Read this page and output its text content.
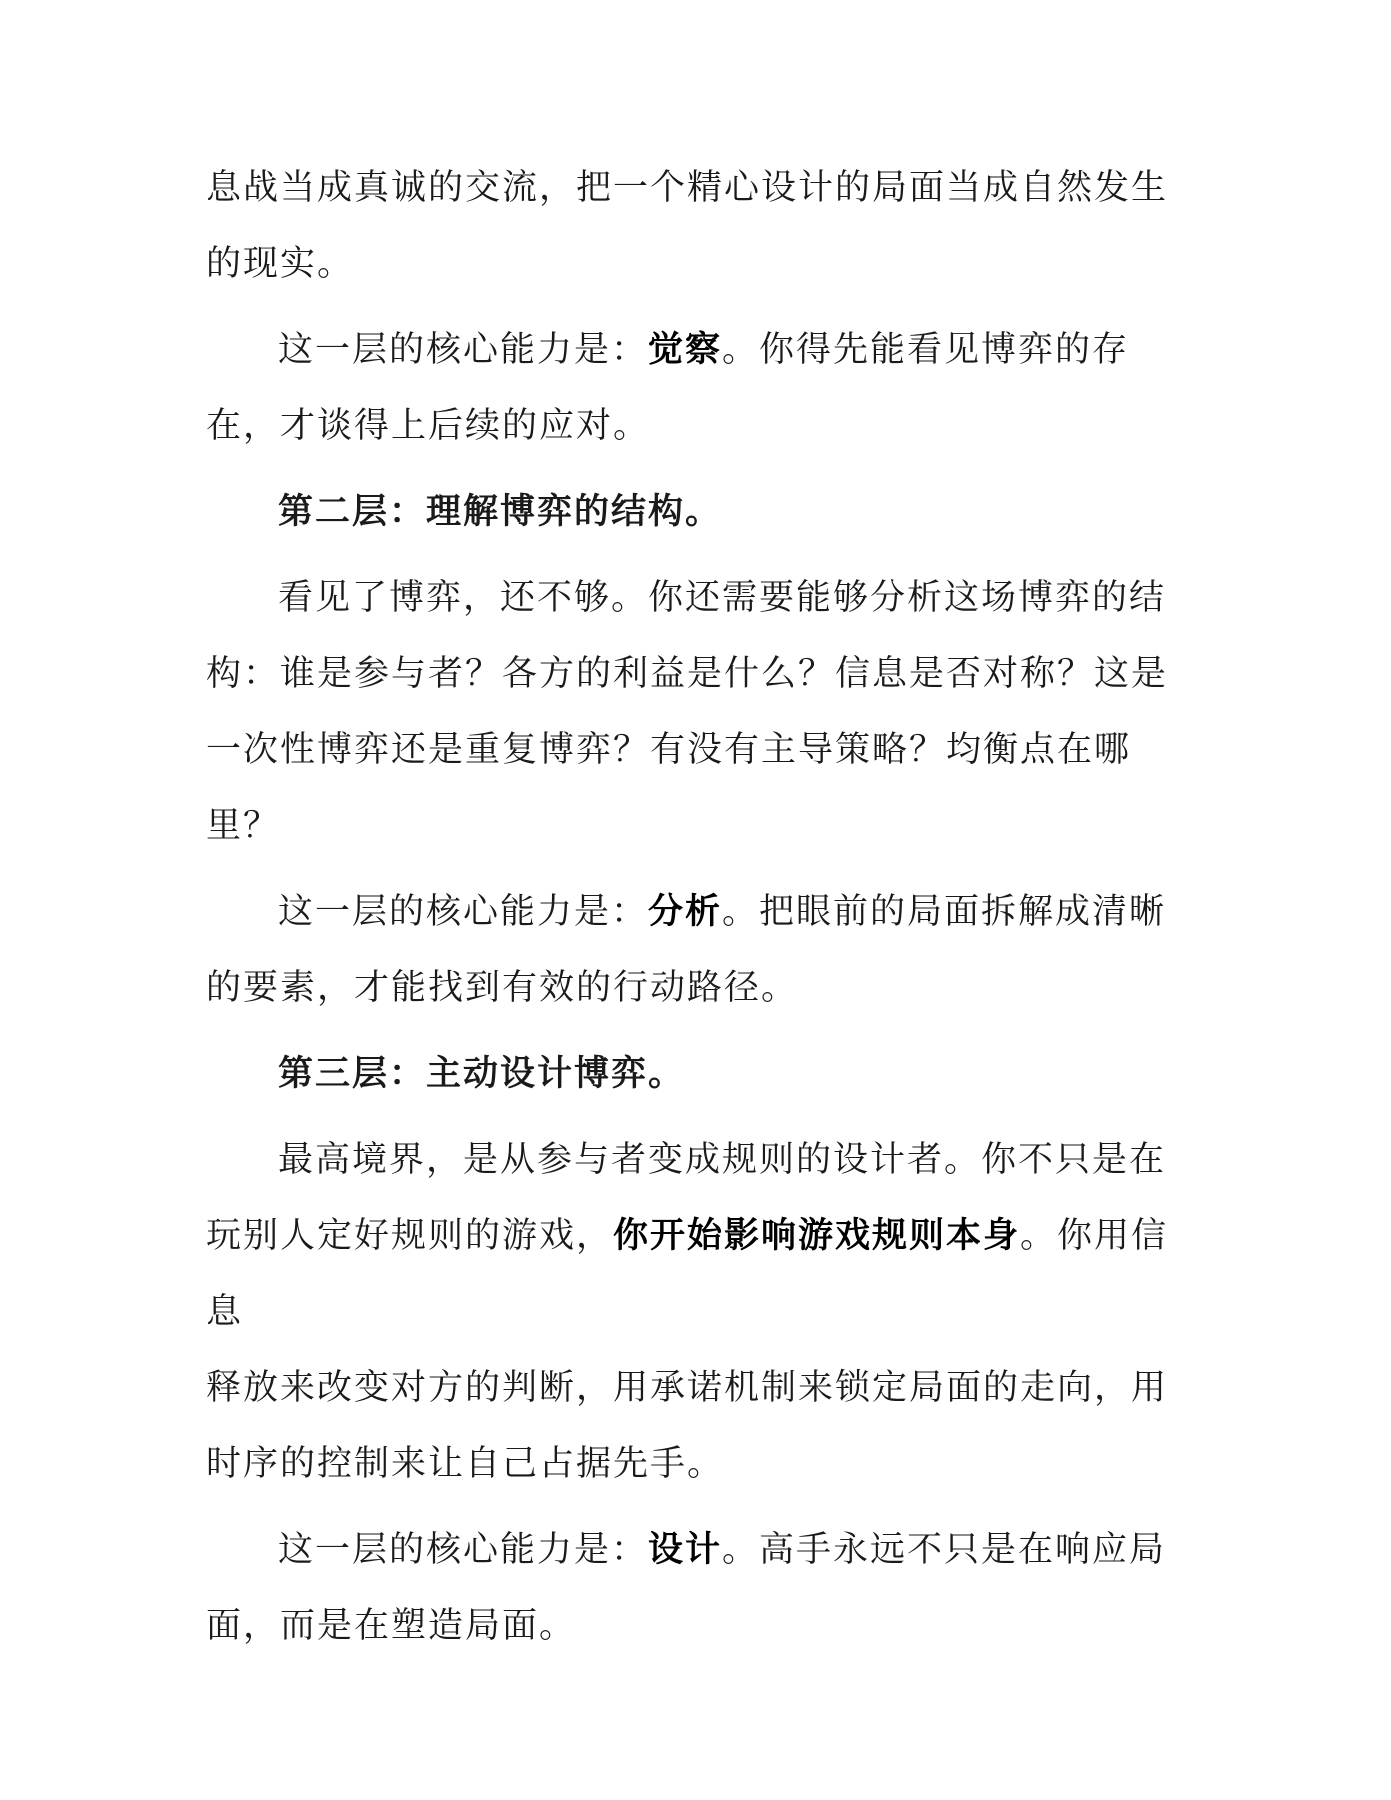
息战当成真诚的交流，把一个精心设计的局面当成自然发生的现实。

这一层的核心能力是：觉察。你得先能看见博弈的存在，才谈得上后续的应对。

第二层：理解博弈的结构。

看见了博弈，还不够。你还需要能够分析这场博弈的结构：谁是参与者？各方的利益是什么？信息是否对称？这是一次性博弈还是重复博弈？有没有主导策略？均衡点在哪里？

这一层的核心能力是：分析。把眼前的局面拆解成清晰
的要素，才能找到有效的行动路径。

第三层：主动设计博弈。

最高境界，是从参与者变成规则的设计者。你不只是在玩别人定好规则的游戏，你开始影响游戏规则本身。你用信息
释放来改变对方的判断，用承诺机制来锁定局面的走向，用时序的控制来让自己占据先手。

这一层的核心能力是：设计。高手永远不只是在响应局
面，而是在塑造局面。
